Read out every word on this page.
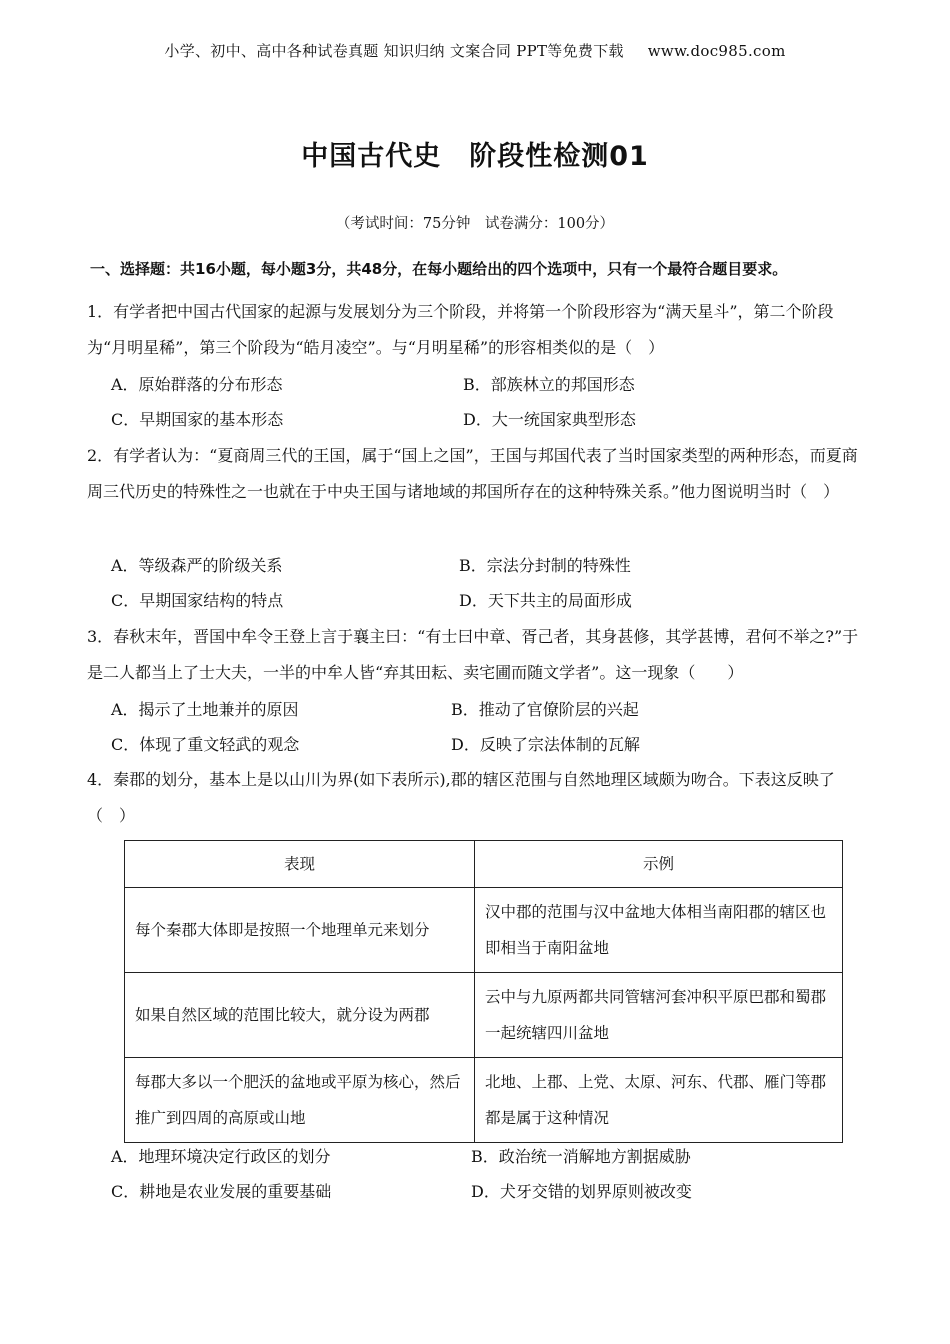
小学、初中、高中各种试卷真题 知识归纳 文案合同 PPT等免费下载 www.doc985.com
中国古代史　阶段性检测01
（考试时间：75分钟　试卷满分：100分）
一、选择题：共16小题，每小题3分，共48分，在每小题给出的四个选项中，只有一个最符合题目要求。
1．有学者把中国古代国家的起源与发展划分为三个阶段，并将第一个阶段形容为“满天星斗”，第二个阶段为“月明星稀”，第三个阶段为“皓月凌空”。与“月明星稀”的形容相类似的是（　）
A．原始群落的分布形态	B．部族林立的邦国形态
C．早期国家的基本形态	D．大一统国家典型形态
2．有学者认为：“夏商周三代的王国，属于“国上之国”，王国与邦国代表了当时国家类型的两种形态，而夏商周三代历史的特殊性之一也就在于中央王国与诸地域的邦国所存在的这种特殊关系。”他力图说明当时（　）
A．等级森严的阶级关系	B．宗法分封制的特殊性
C．早期国家结构的特点	D．天下共主的局面形成
3．春秋末年，晋国中牟令王登上言于襄主曰：“有士曰中章、胥己者，其身甚修，其学甚博，君何不举之?”于是二人都当上了士大夫，一半的中牟人皆“弃其田耘、卖宅圃而随文学者”。这一现象（　　）
A．揭示了土地兼并的原因	B．推动了官僚阶层的兴起
C．体现了重文轻武的观念	D．反映了宗法体制的瓦解
4．秦郡的划分，基本上是以山川为界(如下表所示),郡的辖区范围与自然地理区域颇为吻合。下表这反映了（　）
表现	示例
每个秦郡大体即是按照一个地理单元来划分	汉中郡的范围与汉中盆地大体相当南阳郡的辖区也即相当于南阳盆地
如果自然区域的范围比较大，就分设为两郡	云中与九原两都共同管辖河套冲积平原巴郡和蜀郡一起统辖四川盆地
每郡大多以一个肥沃的盆地或平原为核心，然后推广到四周的高原或山地	北地、上郡、上党、太原、河东、代郡、雁门等郡都是属于这种情况
A．地理环境决定行政区的划分	B．政治统一消解地方割据威胁
C．耕地是农业发展的重要基础	D．犬牙交错的划界原则被改变
